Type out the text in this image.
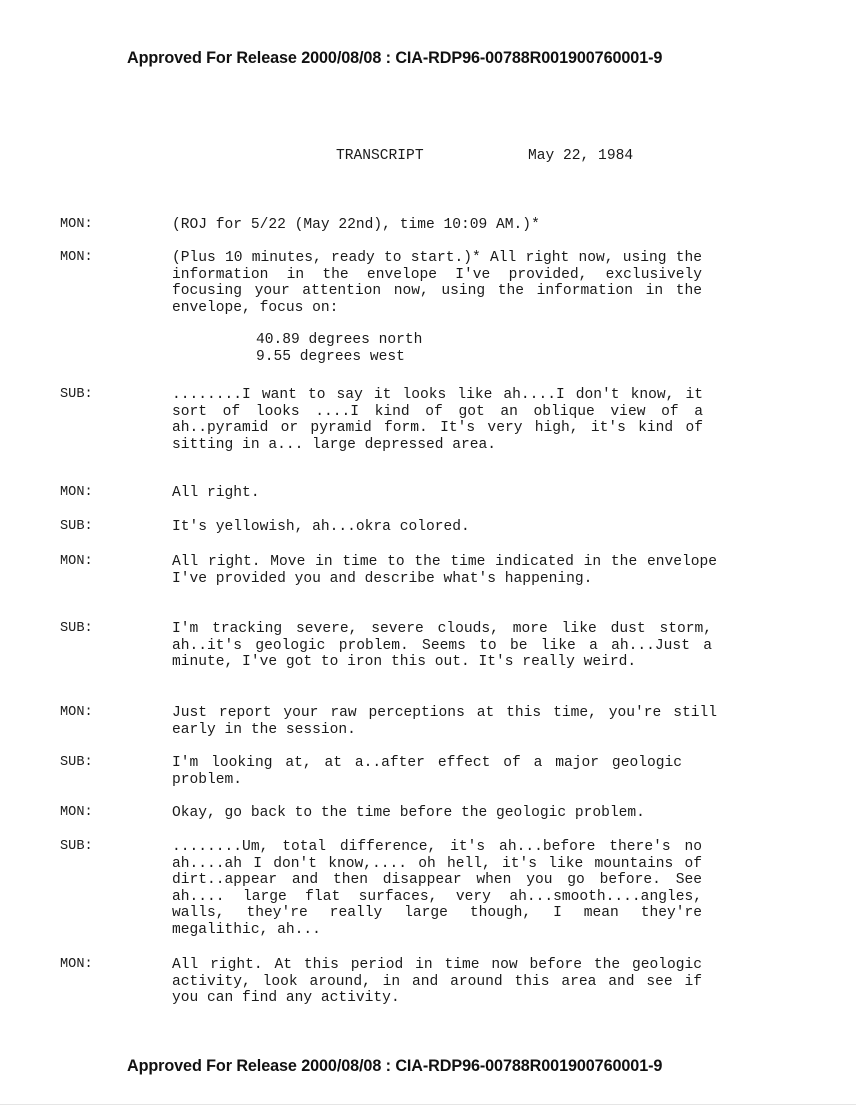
Approved For Release 2000/08/08 : CIA-RDP96-00788R001900760001-9
TRANSCRIPT	May 22, 1984
MON:	(ROJ for 5/22 (May 22nd), time 10:09 AM.)*
MON:	(Plus 10 minutes, ready to start.)* All right now, using the information in the envelope I've provided, exclusively focusing your attention now, using the information in the envelope, focus on:
40.89 degrees north
9.55 degrees west
SUB:	........I want to say it looks like ah....I don't know, it sort of looks ....I kind of got an oblique view of a ah..pyramid or pyramid form. It's very high, it's kind of sitting in a... large depressed area.
MON:	All right.
SUB:	It's yellowish, ah...okra colored.
MON:	All right. Move in time to the time indicated in the envelope I've provided you and describe what's happening.
SUB:	I'm tracking severe, severe clouds, more like dust storm, ah..it's geologic problem. Seems to be like a ah...Just a minute, I've got to iron this out. It's really weird.
MON:	Just report your raw perceptions at this time, you're still early in the session.
SUB:	I'm looking at, at a..after effect of a major geologic problem.
MON:	Okay, go back to the time before the geologic problem.
SUB:	........Um, total difference, it's ah...before there's no ah....ah I don't know,.... oh hell, it's like mountains of dirt..appear and then disappear when you go before. See ah.... large flat surfaces, very ah...smooth....angles, walls, they're really large though, I mean they're megalithic, ah...
MON:	All right. At this period in time now before the geologic activity, look around, in and around this area and see if you can find any activity.
Approved For Release 2000/08/08 : CIA-RDP96-00788R001900760001-9
